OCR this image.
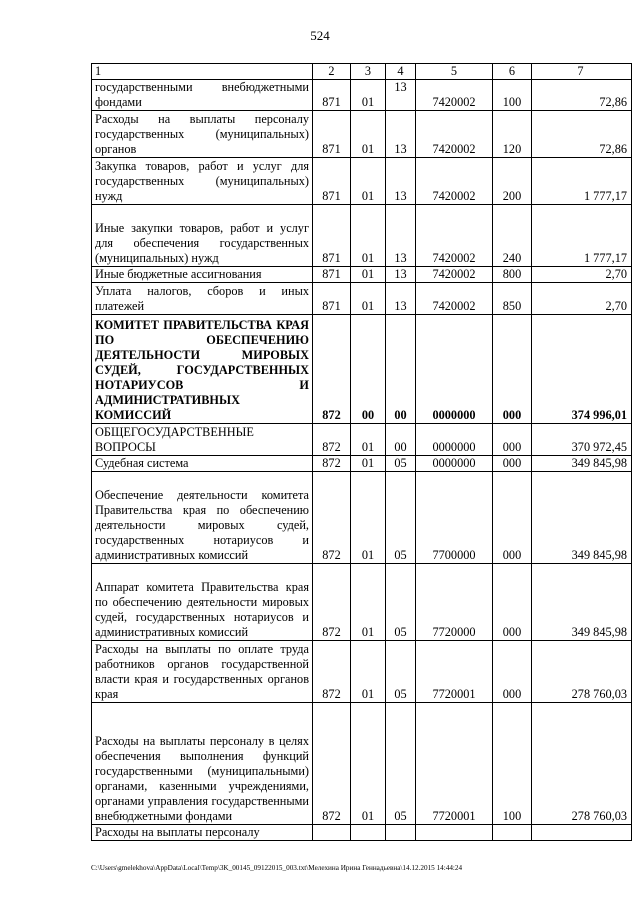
524
1	2	3	4	5	6	7
государственными внебюджетными фондами	871	01	13	7420002	100	72,86
Расходы на выплаты персоналу государственных (муниципальных) органов	871	01	13	7420002	120	72,86
Закупка товаров, работ и услуг для государственных (муниципальных) нужд	871	01	13	7420002	200	1 777,17
Иные закупки товаров, работ и услуг для обеспечения государственных (муниципальных) нужд	871	01	13	7420002	240	1 777,17
Иные бюджетные ассигнования	871	01	13	7420002	800	2,70
Уплата налогов, сборов и иных платежей	871	01	13	7420002	850	2,70
КОМИТЕТ ПРАВИТЕЛЬСТВА КРАЯ ПО ОБЕСПЕЧЕНИЮ ДЕЯТЕЛЬНОСТИ МИРОВЫХ СУДЕЙ, ГОСУДАРСТВЕННЫХ НОТАРИУСОВ И АДМИНИСТРАТИВНЫХ КОМИССИЙ	872	00	00	0000000	000	374 996,01
ОБЩЕГОСУДАРСТВЕННЫЕ ВОПРОСЫ	872	01	00	0000000	000	370 972,45
Судебная система	872	01	05	0000000	000	349 845,98
Обеспечение деятельности комитета Правительства края по обеспечению деятельности мировых судей, государственных нотариусов и административных комиссий	872	01	05	7700000	000	349 845,98
Аппарат комитета Правительства края по обеспечению деятельности мировых судей, государственных нотариусов и административных комиссий	872	01	05	7720000	000	349 845,98
Расходы на выплаты по оплате труда работников органов государственной власти края и государственных органов края	872	01	05	7720001	000	278 760,03
Расходы на выплаты персоналу в целях обеспечения выполнения функций государственными (муниципальными) органами, казенными учреждениями, органами управления государственными внебюджетными фондами	872	01	05	7720001	100	278 760,03
Расходы на выплаты персоналу						
C:\Users\gmelekhova\AppData\Local\Temp\3K_00145_09122015_003.txt\Мелехина Ирина Геннадьевна\14.12.2015 14:44:24
